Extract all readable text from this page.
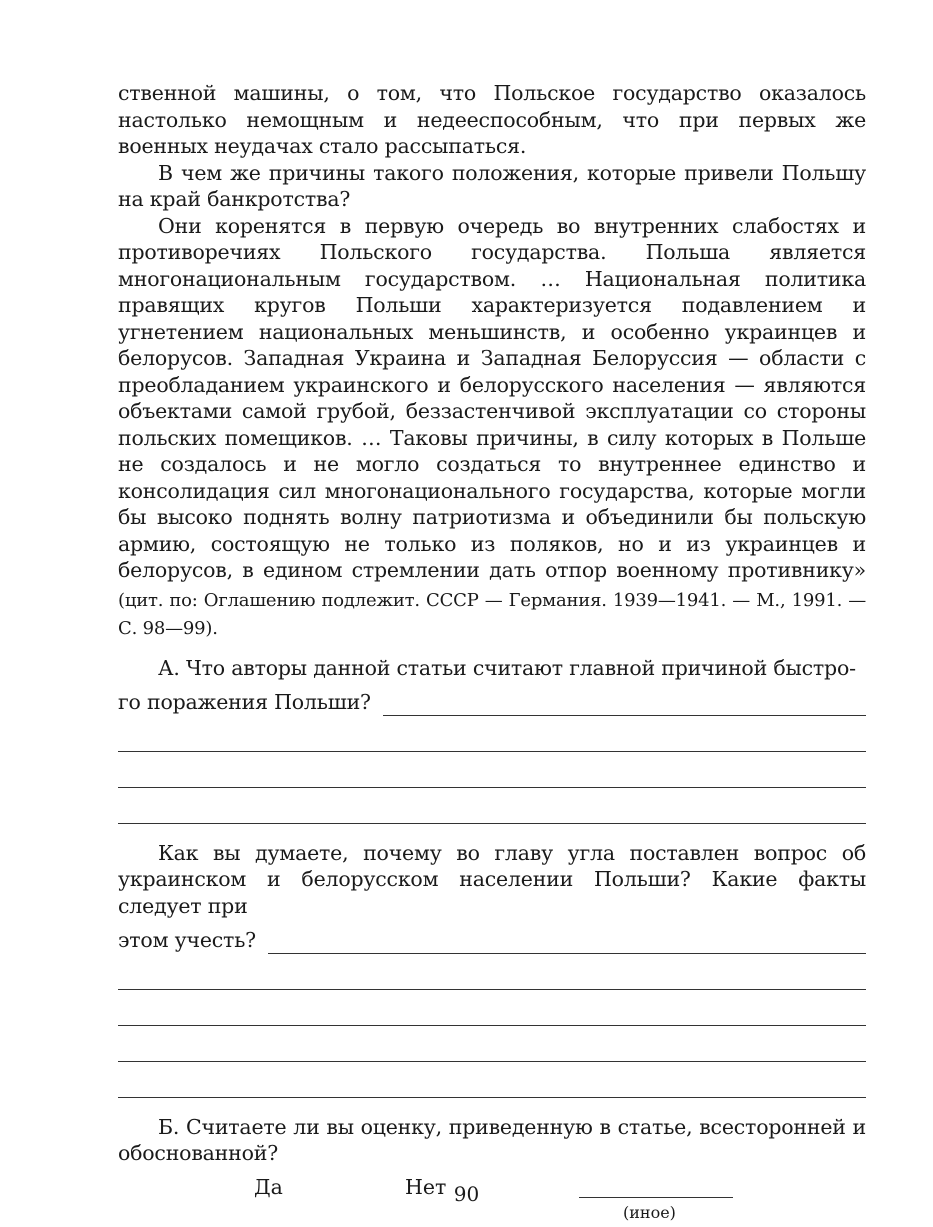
ственной машины, о том, что Польское государство оказалось настолько немощным и недееспособным, что при первых же военных неудачах стало рассыпаться.

В чем же причины такого положения, которые привели Польшу на край банкротства?

Они коренятся в первую очередь во внутренних слабостях и противоречиях Польского государства. Польша является многонациональным государством. … Национальная политика правящих кругов Польши характеризуется подавлением и угнетением национальных меньшинств, и особенно украинцев и белорусов. Западная Украина и Западная Белоруссия — области с преобладанием украинского и белорусского населения — являются объектами самой грубой, беззастенчивой эксплуатации со стороны польских помещиков. … Таковы причины, в силу которых в Польше не создалось и не могло создаться то внутреннее единство и консолидация сил многонационального государства, которые могли бы высоко поднять волну патриотизма и объединили бы польскую армию, состоящую не только из поляков, но и из украинцев и белорусов, в едином стремлении дать отпор военному противнику» (цит. по: Оглашению подлежит. СССР — Германия. 1939—1941. — М., 1991. — С. 98—99).

А. Что авторы данной статьи считают главной причиной быстро-

го поражения Польши?

Как вы думаете, почему во главу угла поставлен вопрос об украинском и белорусском населении Польши? Какие факты следует при

этом учесть?

Б. Считаете ли вы оценку, приведенную в статье, всесторонней и обоснованной?

Да	Нет
(иное)
90
